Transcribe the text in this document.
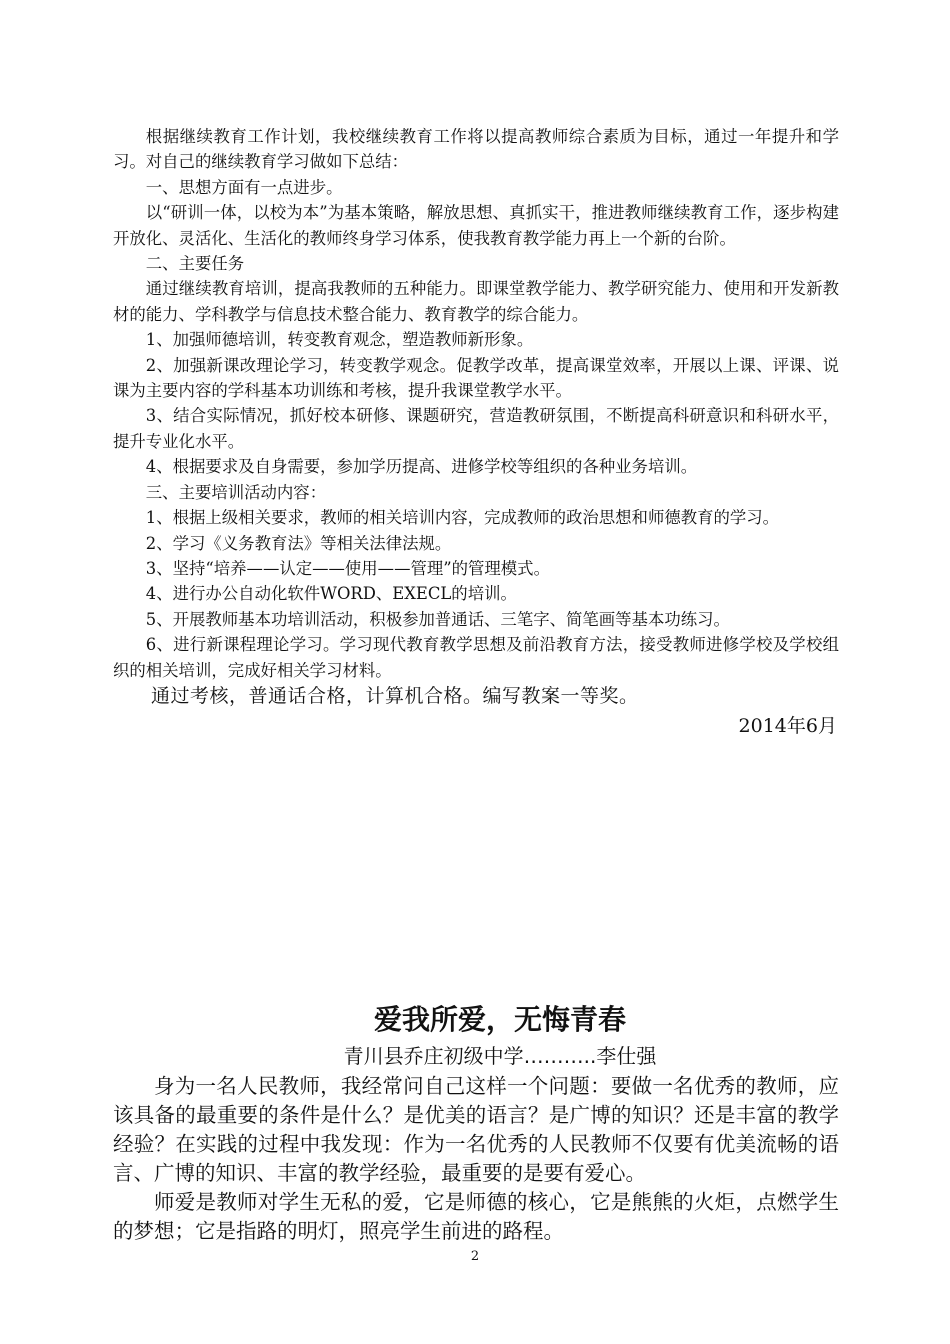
根据继续教育工作计划，我校继续教育工作将以提高教师综合素质为目标，通过一年提升和学习。对自己的继续教育学习做如下总结：

一、思想方面有一点进步。

以“研训一体，以校为本”为基本策略，解放思想、真抓实干，推进教师继续教育工作，逐步构建开放化、灵活化、生活化的教师终身学习体系，使我教育教学能力再上一个新的台阶。

二、主要任务

通过继续教育培训，提高我教师的五种能力。即课堂教学能力、教学研究能力、使用和开发新教材的能力、学科教学与信息技术整合能力、教育教学的综合能力。

1、加强师德培训，转变教育观念，塑造教师新形象。

2、加强新课改理论学习，转变教学观念。促教学改革，提高课堂效率，开展以上课、评课、说课为主要内容的学科基本功训练和考核，提升我课堂教学水平。

3、结合实际情况，抓好校本研修、课题研究，营造教研氛围，不断提高科研意识和科研水平，提升专业化水平。

4、根据要求及自身需要，参加学历提高、进修学校等组织的各种业务培训。

三、主要培训活动内容：

1、根据上级相关要求，教师的相关培训内容，完成教师的政治思想和师德教育的学习。

2、学习《义务教育法》等相关法律法规。

3、坚持“培养——认定——使用——管理”的管理模式。

4、进行办公自动化软件WORD、EXECL的培训。

5、开展教师基本功培训活动，积极参加普通话、三笔字、简笔画等基本功练习。

6、进行新课程理论学习。学习现代教育教学思想及前沿教育方法，接受教师进修学校及学校组织的相关培训，完成好相关学习材料。

通过考核，普通话合格，计算机合格。编写教案一等奖。

2014年6月

爱我所爱，无悔青春
青川县乔庄初级中学………..李仕强

身为一名人民教师，我经常问自己这样一个问题：要做一名优秀的教师，应该具备的最重要的条件是什么？是优美的语言？是广博的知识？还是丰富的教学经验？在实践的过程中我发现：作为一名优秀的人民教师不仅要有优美流畅的语言、广博的知识、丰富的教学经验，最重要的是要有爱心。

师爱是教师对学生无私的爱，它是师德的核心，它是熊熊的火炬，点燃学生的梦想；它是指路的明灯，照亮学生前进的路程。

2
